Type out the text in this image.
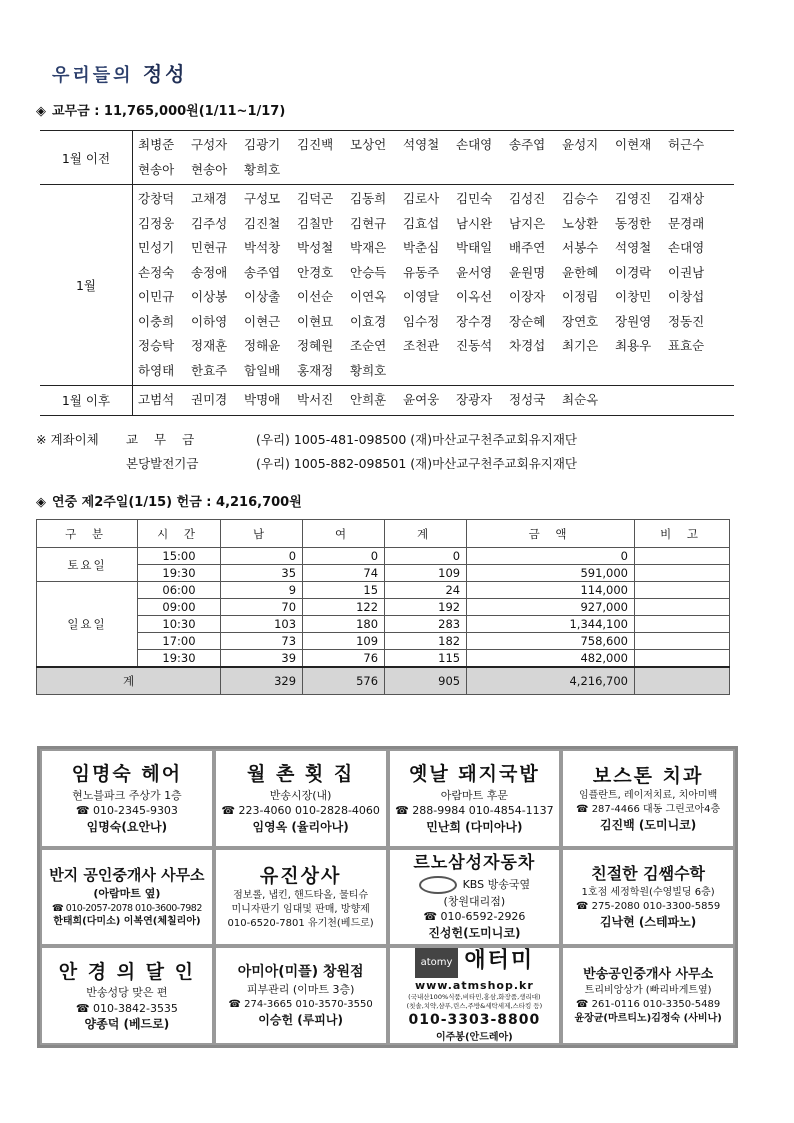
우리들의 정성
◈ 교무금 : 11,765,000원(1/11~1/17)
1월 이전	최병준 구성자 김광기 김진백 모상언 석영철 손대영 송주엽 윤성지 이현재 허근수현송아 현송아 황희호
1월	강창덕 고채경 구성모 김덕곤 김동희 김로사 김민숙 김성진 김승수 김영진 김재상김정웅 김주성 김진철 김칠만 김현규 김효섭 남시완 남지은 노상환 동정한 문경래민성기 민현규 박석창 박성철 박재은 박춘심 박태일 배주연 서봉수 석영철 손대영손정숙 송정애 송주엽 안경호 안승득 유동주 윤서영 윤원명 윤한혜 이경락 이권남이민규 이상봉 이상출 이선순 이연옥 이영달 이옥선 이장자 이정림 이창민 이창섭이충희 이하영 이현근 이현묘 이효경 임수정 장수경 장순혜 장연호 장원영 정동진정승탁 정재훈 정해윤 정혜원 조순연 조천관 진동석 차경섭 최기은 최용우 표효순하영태 한효주 함일배 홍재정 황희호
1월 이후	고범석 권미경 박명애 박서진 안희훈 윤여웅 장광자 정성국 최순옥
※ 계좌이체 교 무 금	(우리) 1005-481-098500 (재)마산교구천주교회유지재단
본당발전기금	(우리) 1005-882-098501 (재)마산교구천주교회유지재단
◈ 연중 제2주일(1/15) 헌금 : 4,216,700원
구 분	시 간	남	여	계	금 액	비 고
토요일	15:00	0	0	0	0	
	19:30	35	74	109	591,000	
일요일	06:00	9	15	24	114,000	
	09:00	70	122	192	927,000	
	10:30	103	180	283	1,344,100	
	17:00	73	109	182	758,600	
	19:30	39	76	115	482,000	
계		329	576	905	4,216,700	
임명숙 헤어
현노블파크 주상가 1층
☎ 010-2345-9303
임명숙(요안나)
월 촌 횟 집
반송시장(내)
☎ 223-4060 010-2828-4060
임영옥 (율리아나)
옛날 돼지국밥
아람마트 후문
☎ 288-9984 010-4854-1137
민난희 (다미아나)
보스톤 치과
임플란트, 레이저치료, 치아미백
☎ 287-4466 대동 그린코아4층
김진백 (도미니코)
반지 공인중개사 사무소
(아람마트 옆)
☎ 010-2057-2078 010-3600-7982
한태희(다미소) 이복연(체칠리아)
유진상사
점보롤, 냅킨, 핸드타올, 물티슈
미니자판기 임대및 판매, 방향제
010-6520-7801 유기천(베드로)
르노삼성자동차
KBS 방송국옆
(창원대리점)
☎ 010-6592-2926
진성헌(도미니코)
친절한 김쌤수학
1호점 세정학원(수영빌딩 6층)
☎ 275-2080 010-3300-5859
김낙현 (스테파노)
안 경 의 달 인
반송성당 맞은 편
☎ 010-3842-3535
양종덕 (베드로)
아미아(미플) 창원점
피부관리 (이마트 3층)
☎ 274-3665 010-3570-3550
이승헌 (루피나)
atomy 애터미
www.atmshop.kr
(국내산100%식품,비타민,홍삼,화장품,생리대)
(칫솔,치약,샴푸,린스,주방&세탁세제,스타킹 등)
010-3303-8800
이주봉(안드레아)
반송공인중개사 사무소
트리비앙상가 (빠리바게트옆)
☎ 261-0116 010-3350-5489
윤장균(마르티노)김정숙 (사비나)
